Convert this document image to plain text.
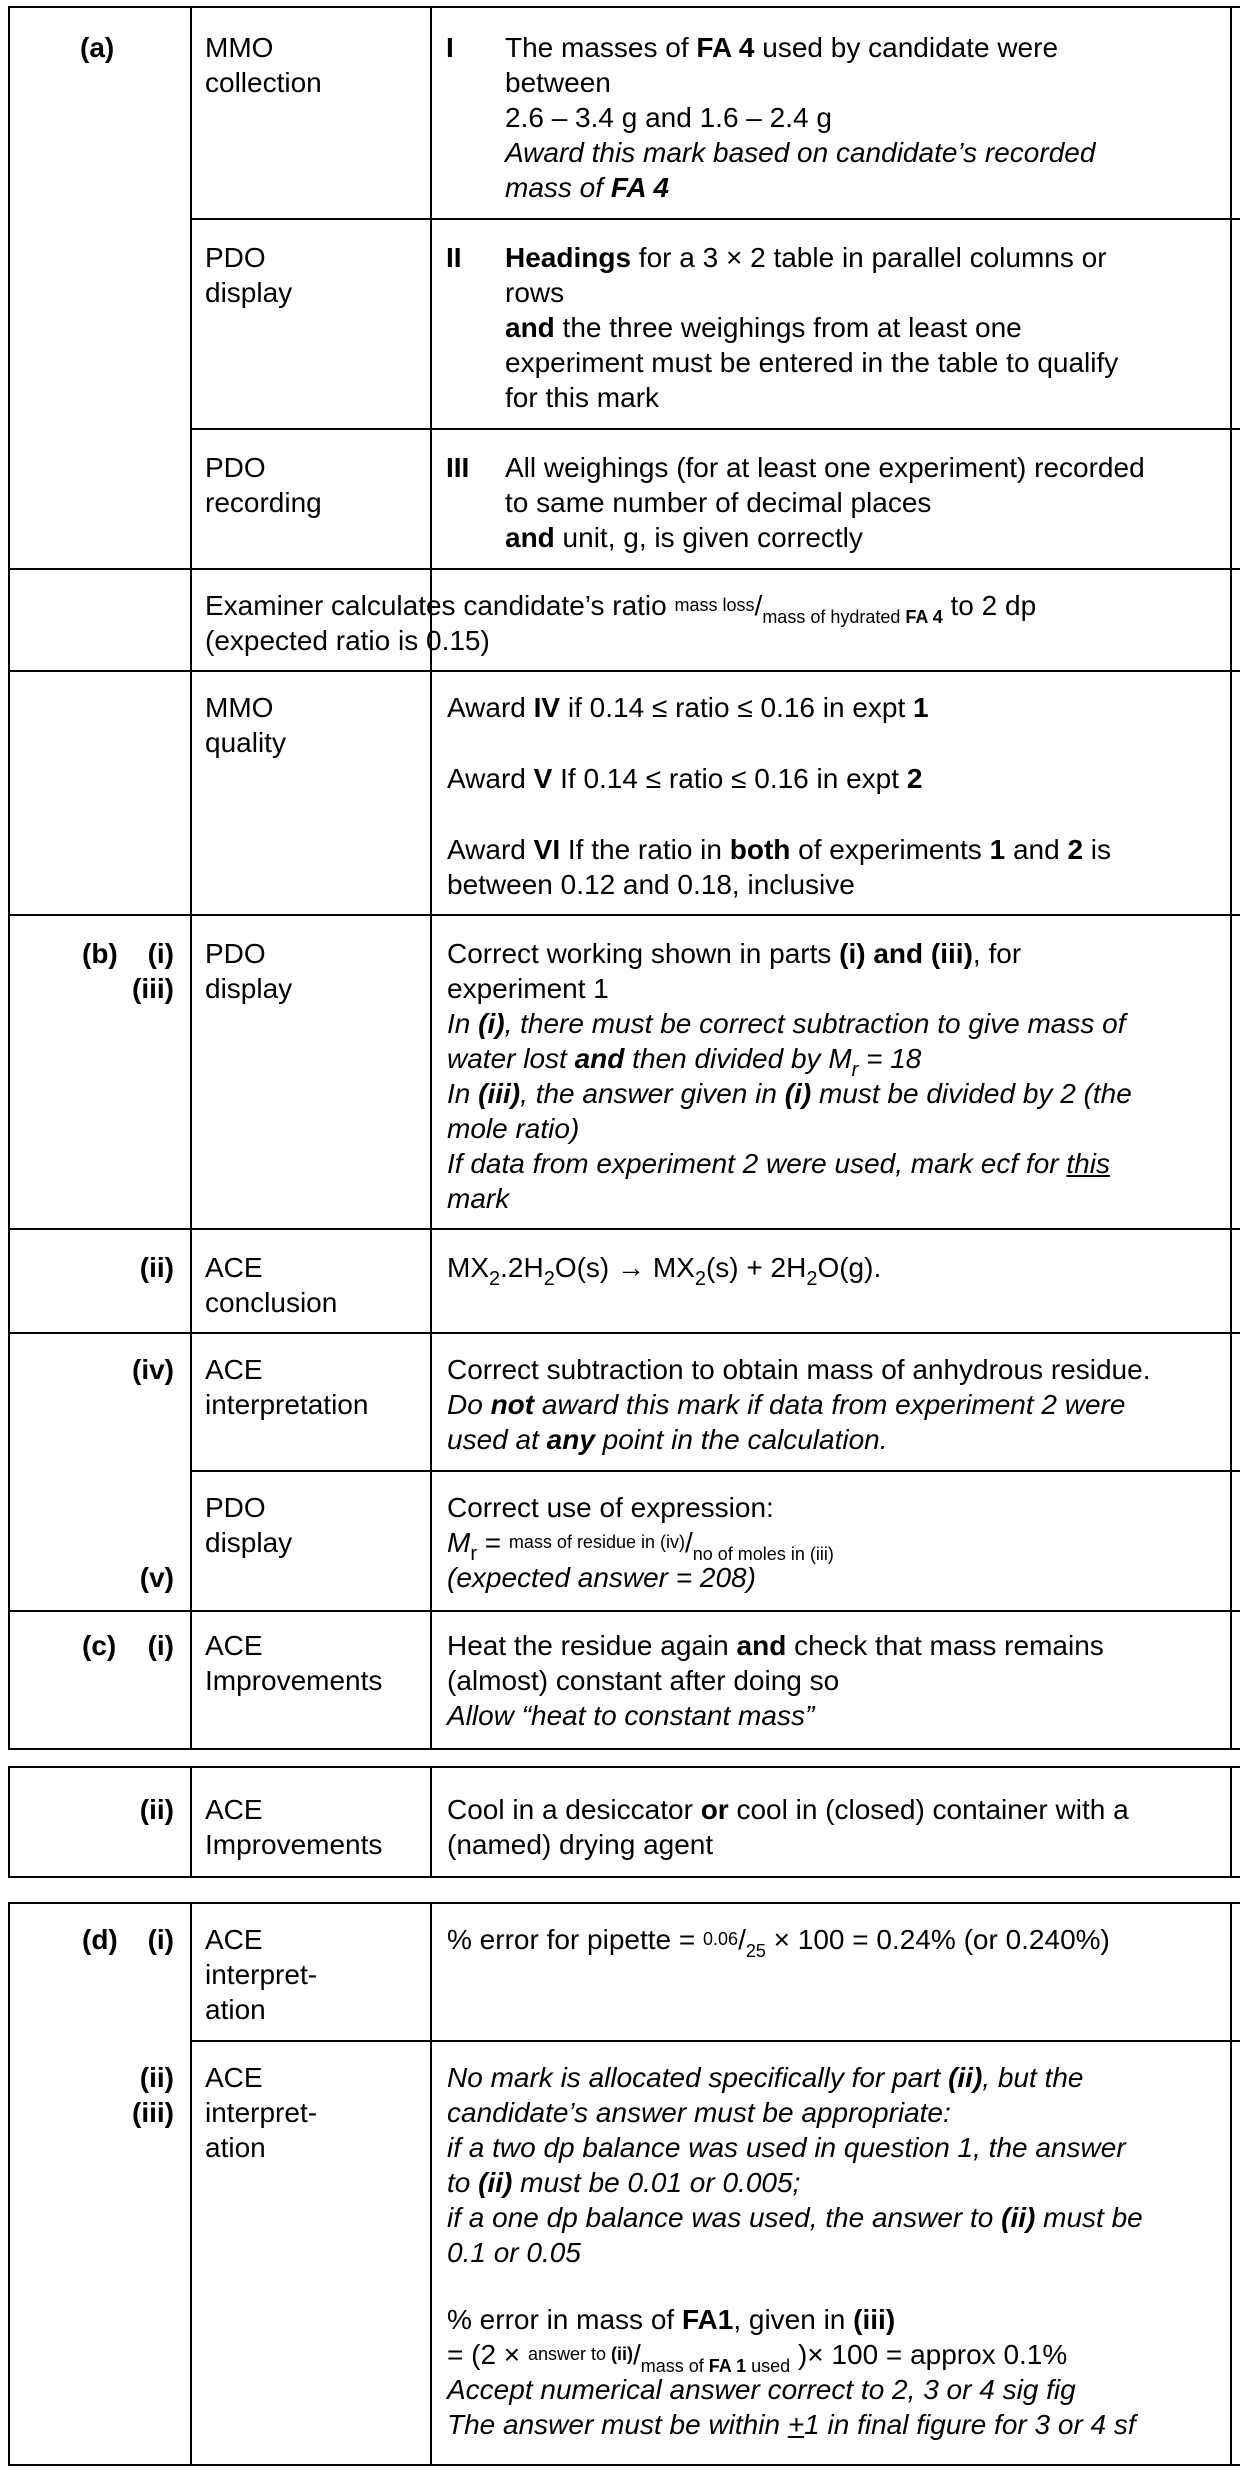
(a)	MMO
collection
I The masses of FA 4 used by candidate were
between
2.6 – 3.4 g and 1.6 – 2.4 g
Award this mark based on candidate’s recorded
mass of FA 4
PDO
display
II Headings for a 3 × 2 table in parallel columns or
rows
and the three weighings from at least one
experiment must be entered in the table to qualify
for this mark
PDO
recording
III All weighings (for at least one experiment) recorded
to same number of decimal places
and unit, g, is given correctly
Examiner calculates candidate’s ratio $^{mass loss}/_{mass of hydrated FA 4}$ to 2 dp
(expected ratio is 0.15)
MMO
quality
Award IV if 0.14 ≤ ratio ≤ 0.16 in expt 1
Award V If 0.14 ≤ ratio ≤ 0.16 in expt 2
Award VI If the ratio in both of experiments 1 and 2 is
between 0.12 and 0.18, inclusive
(b)	(i)
(iii)
PDO
display
Correct working shown in parts (i) and (iii), for
experiment 1
In (i), there must be correct subtraction to give mass of
water lost and then divided by $M_r = 18$
In (iii), the answer given in (i) must be divided by 2 (the
mole ratio)
If data from experiment 2 were used, mark ecf for this
mark
(ii) ACE
conclusion
$MX_2.2H_2O(s) \to MX_2(s) + 2H_2O(g)$.
(iv) ACE
interpretation
Correct subtraction to obtain mass of anhydrous residue.
Do not award this mark if data from experiment 2 were
used at any point in the calculation.
PDO
display
(v)
Correct use of expression:
$M_r = ^{mass of residue in (iv)}/_{no of moles in (iii)}$
(expected answer = 208)
(c) (i) ACE
Improvements
Heat the residue again and check that mass remains
(almost) constant after doing so
Allow “heat to constant mass”
(ii) ACE
Improvements
Cool in a desiccator or cool in (closed) container with a
(named) drying agent
(d) (i) ACE
interpret-
ation
% error for pipette = $^{0.06}/_{25} \times 100 = 0.24\%$ (or 0.240%)
(ii)
(iii)
ACE
interpret-
ation
No mark is allocated specifically for part (ii), but the
candidate’s answer must be appropriate:
if a two dp balance was used in question 1, the answer
to (ii) must be 0.01 or 0.005;
if a one dp balance was used, the answer to (ii) must be
0.1 or 0.05
% error in mass of FA1, given in (iii)
= ($2 \times ^{answer to (ii)}/_{mass of FA 1 used}$ )× 100 = approx 0.1%
Accept numerical answer correct to 2, 3 or 4 sig fig
The answer must be within +1 in final figure for 3 or 4 sf
